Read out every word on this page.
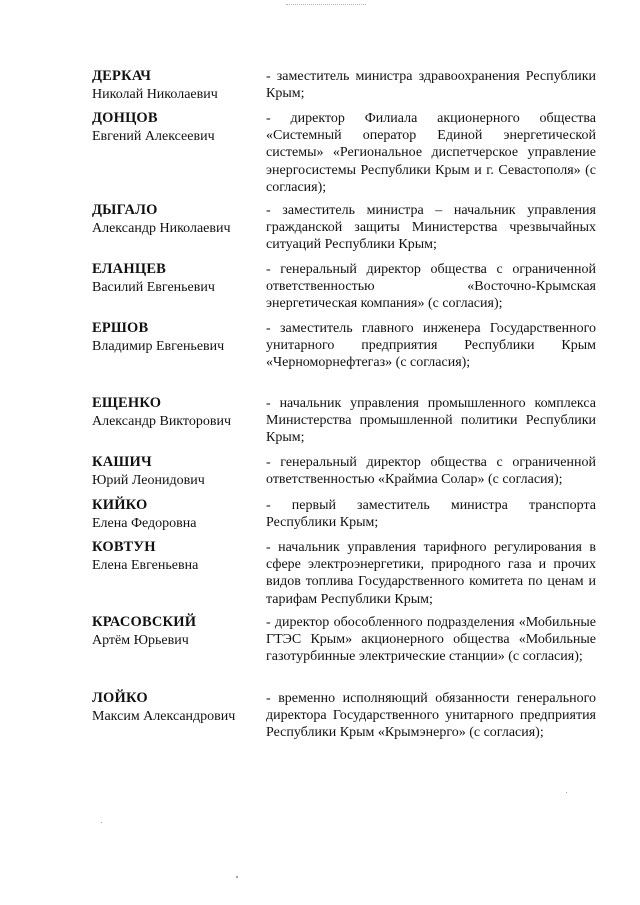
ДЕРКАЧ
Николай Николаевич
- заместитель министра здравоохранения Республики Крым;
ДОНЦОВ
Евгений Алексеевич
- директор Филиала акционерного общества «Системный оператор Единой энергетической системы» «Региональное диспетчерское управление энергосистемы Республики Крым и г. Севастополя» (с согласия);
ДЫГАЛО
Александр Николаевич
- заместитель министра – начальник управления гражданской защиты Министерства чрезвычайных ситуаций Республики Крым;
ЕЛАНЦЕВ
Василий Евгеньевич
- генеральный директор общества с ограниченной ответственностью «Восточно-Крымская энергетическая компания» (с согласия);
ЕРШОВ
Владимир Евгеньевич
- заместитель главного инженера Государственного унитарного предприятия Республики Крым «Черноморнефтегаз» (с согласия);
ЕЩЕНКО
Александр Викторович
- начальник управления промышленного комплекса Министерства промышленной политики Республики Крым;
КАШИЧ
Юрий Леонидович
- генеральный директор общества с ограниченной ответственностью «Краймиа Солар» (с согласия);
КИЙКО
Елена Федоровна
- первый заместитель министра транспорта Республики Крым;
КОВТУН
Елена Евгеньевна
- начальник управления тарифного регулирования в сфере электроэнергетики, природного газа и прочих видов топлива Государственного комитета по ценам и тарифам Республики Крым;
КРАСОВСКИЙ
Артём Юрьевич
- директор обособленного подразделения «Мобильные ГТЭС Крым» акционерного общества «Мобильные газотурбинные электрические станции» (с согласия);
ЛОЙКО
Максим Александрович
- временно исполняющий обязанности генерального директора Государственного унитарного предприятия Республики Крым «Крымэнерго» (с согласия);
